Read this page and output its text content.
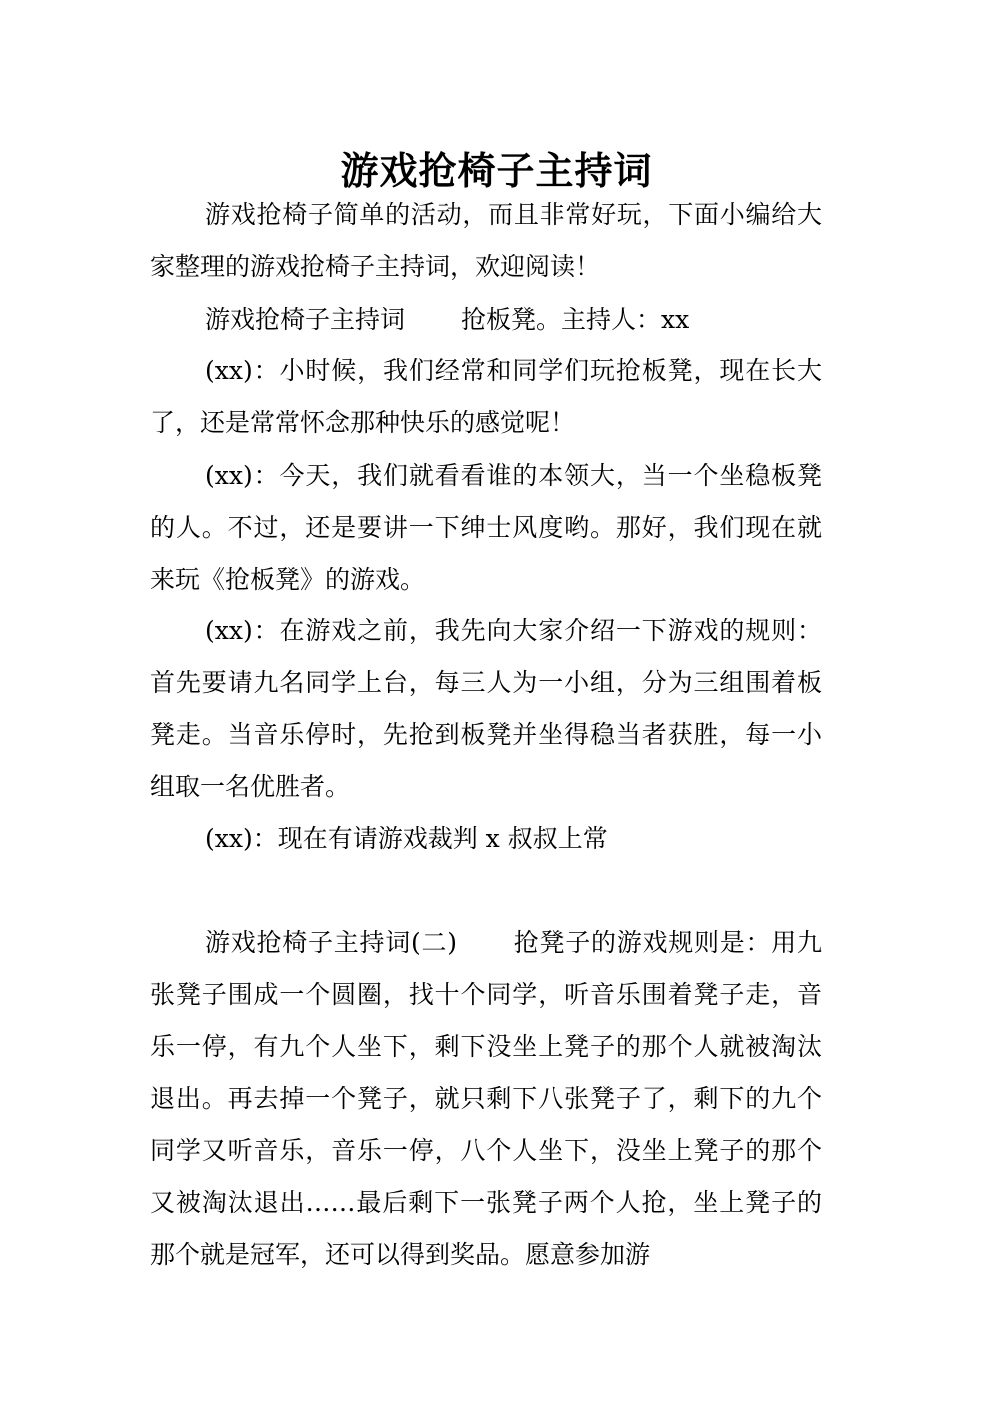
游戏抢椅子主持词

游戏抢椅子简单的活动，而且非常好玩，下面小编给大家整理的游戏抢椅子主持词，欢迎阅读！

游戏抢椅子主持词 抢板凳。主持人：xx

(xx)：小时候，我们经常和同学们玩抢板凳，现在长大了，还是常常怀念那种快乐的感觉呢！

(xx)：今天，我们就看看谁的本领大，当一个坐稳板凳的人。不过，还是要讲一下绅士风度哟。那好，我们现在就来玩《抢板凳》的游戏。

(xx)：在游戏之前，我先向大家介绍一下游戏的规则：首先要请九名同学上台，每三人为一小组，分为三组围着板凳走。当音乐停时，先抢到板凳并坐得稳当者获胜，每一小组取一名优胜者。

(xx)：现在有请游戏裁判 x 叔叔上常

游戏抢椅子主持词(二) 抢凳子的游戏规则是：用九张凳子围成一个圆圈，找十个同学，听音乐围着凳子走，音乐一停，有九个人坐下，剩下没坐上凳子的那个人就被淘汰退出。再去掉一个凳子，就只剩下八张凳子了，剩下的九个同学又听音乐，音乐一停，八个人坐下，没坐上凳子的那个又被淘汰退出……最后剩下一张凳子两个人抢，坐上凳子的那个就是冠军，还可以得到奖品。愿意参加游
